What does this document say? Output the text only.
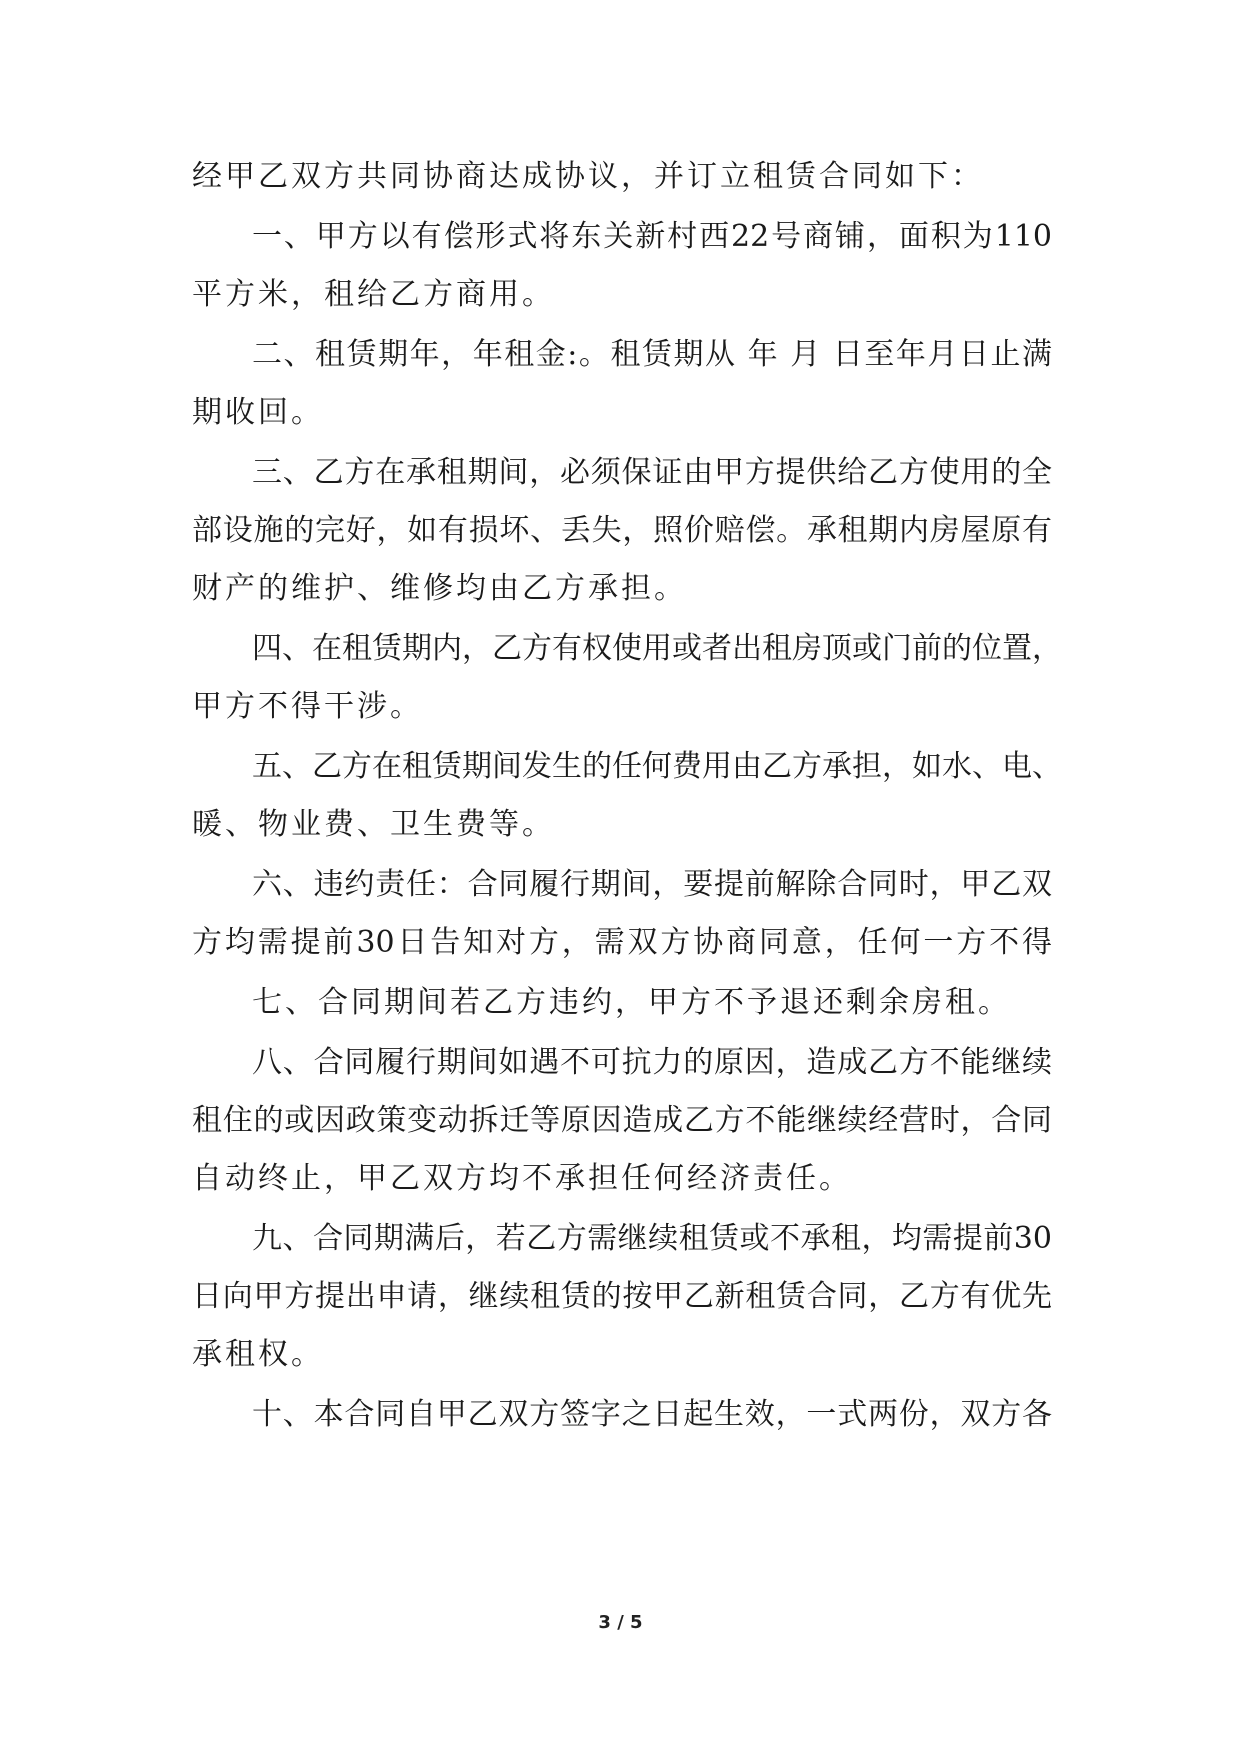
经甲乙双方共同协商达成协议，并订立租赁合同如下：
一、甲方以有偿形式将东关新村西22号商铺，面积为110
平方米，租给乙方商用。
二、租赁期年，年租金:。租赁期从 年 月 日至年月日止满
期收回。
三、乙方在承租期间，必须保证由甲方提供给乙方使用的全
部设施的完好，如有损坏、丢失，照价赔偿。承租期内房屋原有
财产的维护、维修均由乙方承担。
四、在租赁期内，乙方有权使用或者出租房顶或门前的位置，
甲方不得干涉。
五、乙方在租赁期间发生的任何费用由乙方承担，如水、电、
暖、物业费、卫生费等。
六、违约责任：合同履行期间，要提前解除合同时，甲乙双
方均需提前30日告知对方，需双方协商同意，任何一方不得
七、合同期间若乙方违约，甲方不予退还剩余房租。
八、合同履行期间如遇不可抗力的原因，造成乙方不能继续
租住的或因政策变动拆迁等原因造成乙方不能继续经营时，合同
自动终止，甲乙双方均不承担任何经济责任。
九、合同期满后，若乙方需继续租赁或不承租，均需提前30
日向甲方提出申请，继续租赁的按甲乙新租赁合同，乙方有优先
承租权。
十、本合同自甲乙双方签字之日起生效，一式两份，双方各
3 / 5
